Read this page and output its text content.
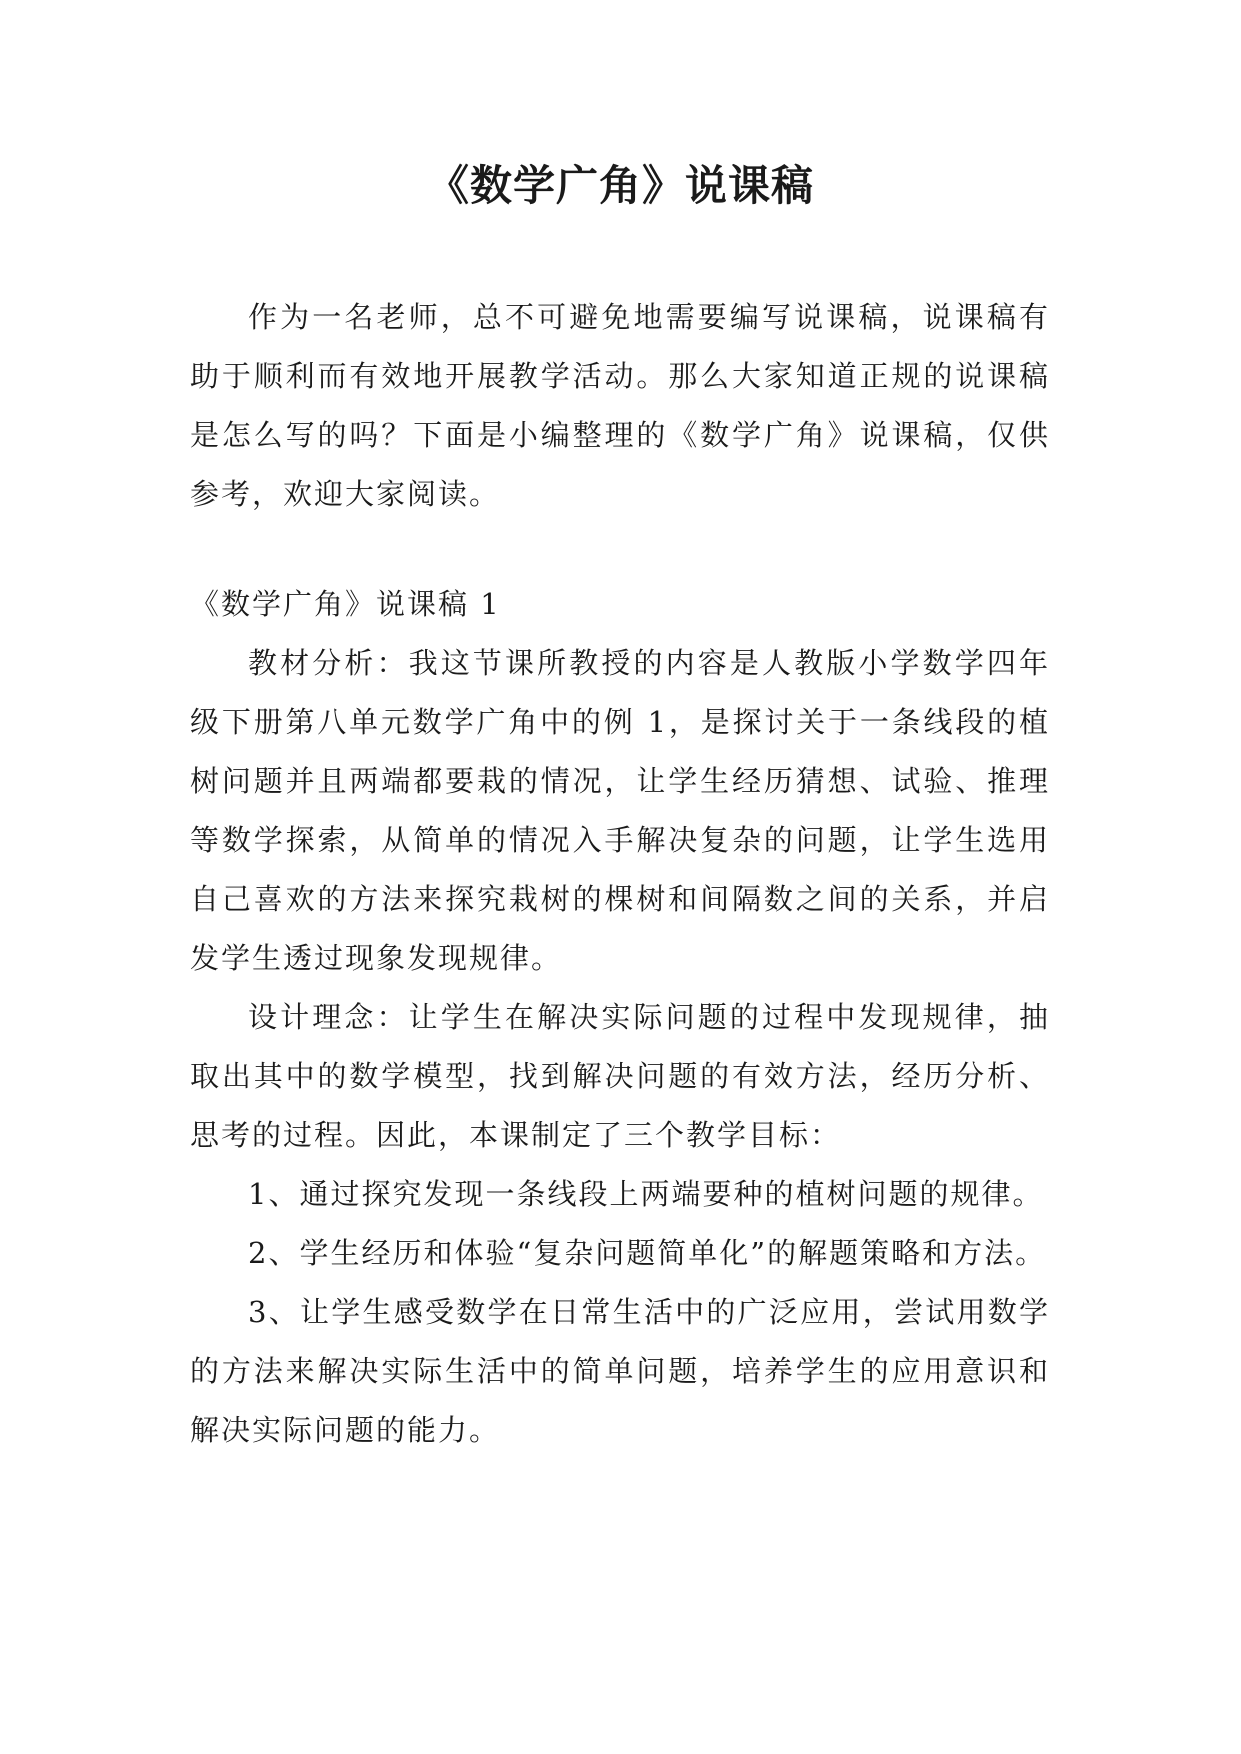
《数学广角》说课稿

作为一名老师，总不可避免地需要编写说课稿，说课稿有助于顺利而有效地开展教学活动。那么大家知道正规的说课稿是怎么写的吗？下面是小编整理的《数学广角》说课稿，仅供参考，欢迎大家阅读。

《数学广角》说课稿 1

教材分析：我这节课所教授的内容是人教版小学数学四年级下册第八单元数学广角中的例 1，是探讨关于一条线段的植树问题并且两端都要栽的情况，让学生经历猜想、试验、推理等数学探索，从简单的情况入手解决复杂的问题，让学生选用自己喜欢的方法来探究栽树的棵树和间隔数之间的关系，并启发学生透过现象发现规律。

设计理念：让学生在解决实际问题的过程中发现规律，抽取出其中的数学模型，找到解决问题的有效方法，经历分析、思考的过程。因此，本课制定了三个教学目标：

1、通过探究发现一条线段上两端要种的植树问题的规律。

2、学生经历和体验“复杂问题简单化”的解题策略和方法。

3、让学生感受数学在日常生活中的广泛应用，尝试用数学的方法来解决实际生活中的简单问题，培养学生的应用意识和解决实际问题的能力。
